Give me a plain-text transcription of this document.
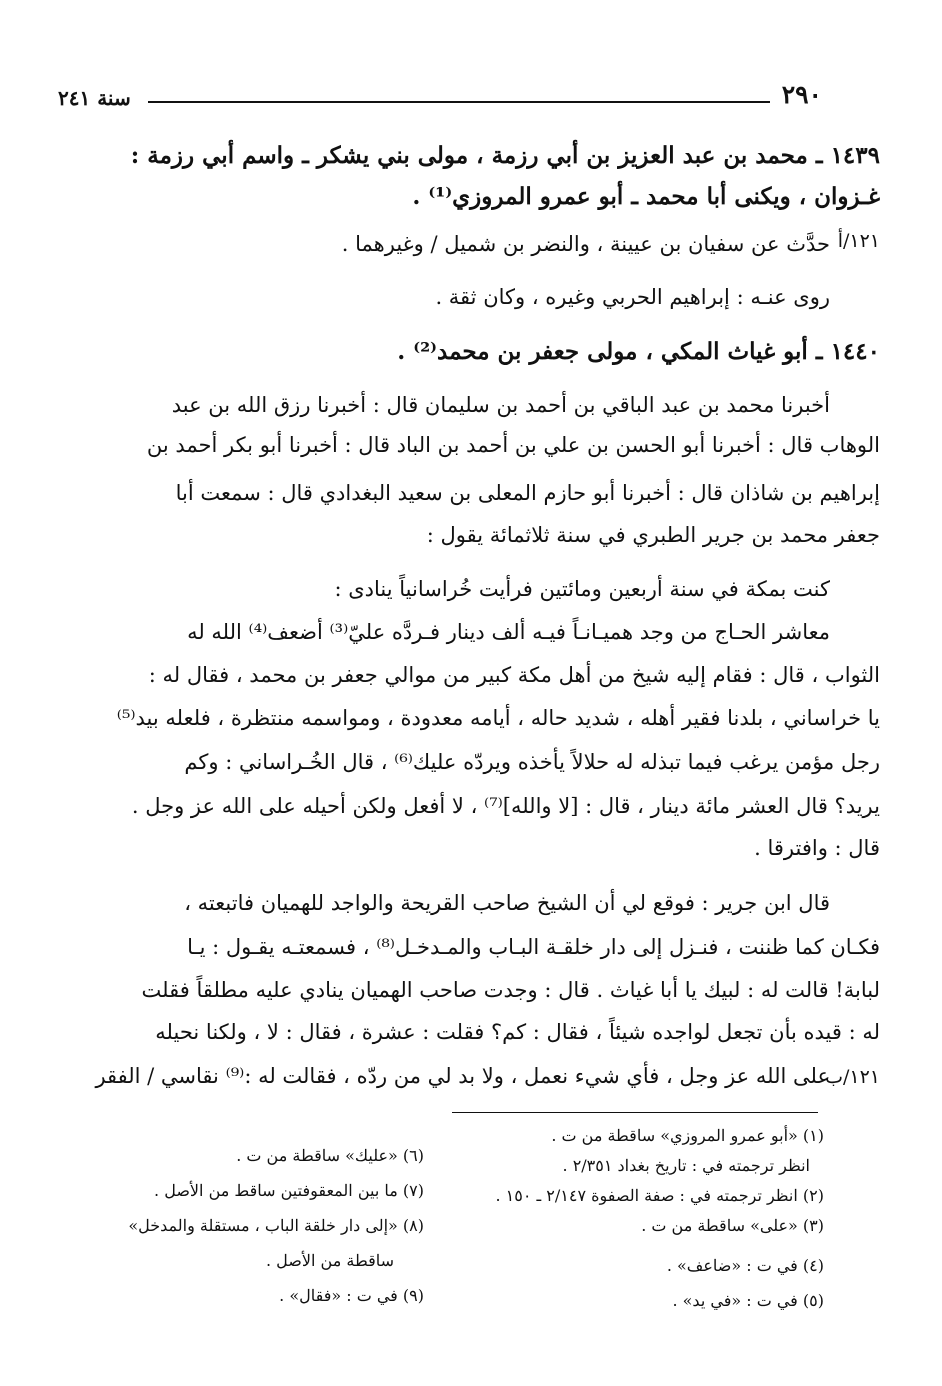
٢٩٠
سنة ٢٤١
١٤٣٩ ـ محمد بن عبد العزيز بن أبي رزمة ، مولى بني يشكر ـ واسم أبي رزمة :
غـزوان ، ويكنى أبا محمد ـ أبو عمرو المروزي⁽¹⁾ .
١٢١/أ
حدَّث عن سفيان بن عيينة ، والنضر بن شميل / وغيرهما .
روى عنـه : إبراهيم الحربي وغيره ، وكان ثقة .
١٤٤٠ ـ أبو غياث المكي ، مولى جعفر بن محمد⁽²⁾ .
أخبرنا محمد بن عبد الباقي بن أحمد بن سليمان قال : أخبرنا رزق الله بن عبد
الوهاب قال : أخبرنا أبو الحسن بن علي بن أحمد بن الباد قال : أخبرنا أبو بكر أحمد بن
إبراهيم بن شاذان قال : أخبرنا أبو حازم المعلى بن سعيد البغدادي قال : سمعت أبا
جعفر محمد بن جرير الطبري في سنة ثلاثمائة يقول :
كنت بمكة في سنة أربعين ومائتين فرأيت خُراسانياً ينادى :
معاشر الحـاج من وجد هميـانـاً فيـه ألف دينار فـردَّه عليّ⁽³⁾ أضعف⁽⁴⁾ الله له
الثواب ، قال : فقام إليه شيخ من أهل مكة كبير من موالي جعفر بن محمد ، فقال له :
يا خراساني ، بلدنا فقير أهله ، شديد حاله ، أيامه معدودة ، ومواسمه منتظرة ، فلعله بيد⁽⁵⁾
رجل مؤمن يرغب فيما تبذله له حلالاً يأخذه ويردّه عليك⁽⁶⁾ ، قال الخُـراساني : وكم
يريد؟ قال العشر مائة دينار ، قال : [لا والله]⁽⁷⁾ ، لا أفعل ولكن أحيله على الله عز وجل .
قال : وافترقا .
قال ابن جرير : فوقع لي أن الشيخ صاحب القريحة والواجد للهميان فاتبعته ،
فكـان كما ظننت ، فنـزل إلى دار خلقـة البـاب والمـدخـل⁽⁸⁾ ، فسمعتـه يقـول : يـا
لبابة! قالت له : لبيك يا أبا غياث . قال : وجدت صاحب الهميان ينادي عليه مطلقاً فقلت
له : قيده بأن تجعل لواجده شيئاً ، فقال : كم؟ فقلت : عشرة ، فقال : لا ، ولكنا نحيله
١٢١/ب
على الله عز وجل ، فأي شيء نعمل ، ولا بد لي من ردّه ، فقالت له :⁽⁹⁾ نقاسي / الفقر
(١) «أبو عمرو المروزي» ساقطة من ت .
انظر ترجمته في : تاريخ بغداد ٢/٣٥١ .
(٢) انظر ترجمته في : صفة الصفوة ٢/١٤٧ ـ ١٥٠ .
(٣) «على» ساقطة من ت .
(٤) في ت : «ضاعف» .
(٥) في ت : «في يد» .
(٦) «عليك» ساقطة من ت .
(٧) ما بين المعقوفتين ساقط من الأصل .
(٨) «إلى دار خلقة الباب ، مستقلة والمدخل»
ساقطة من الأصل .
(٩) في ت : «فقال» .
